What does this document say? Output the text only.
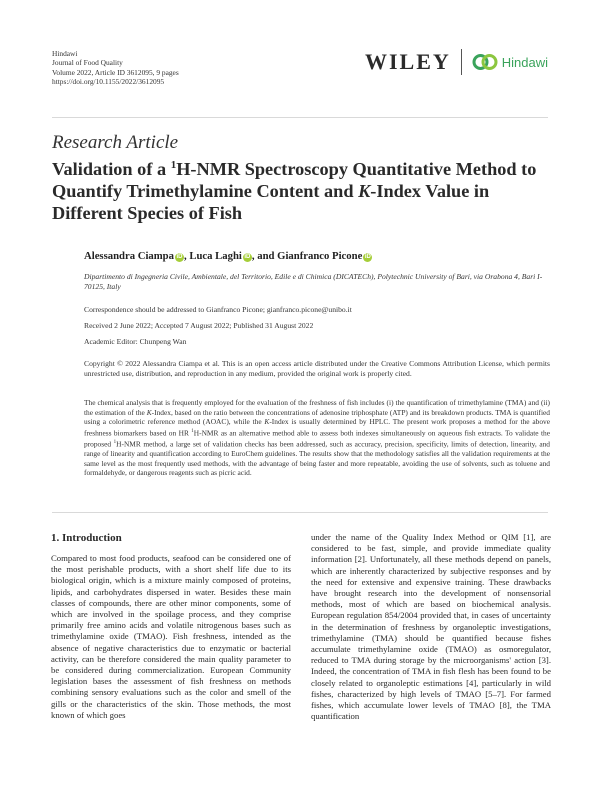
Hindawi
Journal of Food Quality
Volume 2022, Article ID 3612095, 9 pages
https://doi.org/10.1155/2022/3612095
WILEY	Hindawi
Research Article
Validation of a $^1$H-NMR Spectroscopy Quantitative Method to Quantify Trimethylamine Content and K-Index Value in Different Species of Fish
Alessandra Ciampa iD , Luca Laghi iD , and Gianfranco Picone iD
Dipartimento di Ingegneria Civile, Ambientale, del Territorio, Edile e di Chimica (DICATECh), Polytechnic University of Bari, via Orabona 4, Bari I-70125, Italy
Correspondence should be addressed to Gianfranco Picone; gianfranco.picone@unibo.it
Received 2 June 2022; Accepted 7 August 2022; Published 31 August 2022
Academic Editor: Chunpeng Wan
Copyright © 2022 Alessandra Ciampa et al. This is an open access article distributed under the Creative Commons Attribution License, which permits unrestricted use, distribution, and reproduction in any medium, provided the original work is properly cited.
The chemical analysis that is frequently employed for the evaluation of the freshness of fish includes (i) the quantification of trimethylamine (TMA) and (ii) the estimation of the K-Index, based on the ratio between the concentrations of adenosine triphosphate (ATP) and its breakdown products. TMA is quantified using a colorimetric reference method (AOAC), while the K-Index is usually determined by HPLC. The present work proposes a method for the above freshness biomarkers based on HR $^1$H-NMR as an alternative method able to assess both indexes simultaneously on aqueous fish extracts. To validate the proposed $^1$H-NMR method, a large set of validation checks has been addressed, such as accuracy, precision, specificity, limits of detection, linearity, and range of linearity and quantification according to EuroChem guidelines. The results show that the methodology satisfies all the validation requirements at the same level as the most frequently used methods, with the advantage of being faster and more repeatable, avoiding the use of solvents, such as toluene and formaldehyde, or dangerous reagents such as picric acid.
1. Introduction

Compared to most food products, seafood can be considered one of the most perishable products, with a short shelf life due to its biological origin, which is a mixture mainly composed of proteins, lipids, and carbohydrates dispersed in water. Besides these main classes of compounds, there are other minor components, some of which are involved in the spoilage process, and they comprise primarily free amino acids and volatile nitrogenous bases such as trimethylamine oxide (TMAO). Fish freshness, intended as the absence of negative characteristics due to enzymatic or bacterial activity, can be therefore considered the main quality parameter to be considered during commercialization. European Community legislation bases the assessment of fish freshness on methods combining sensory evaluations such as the color and smell of the gills or the characteristics of the skin. Those methods, the most known of which goes

under the name of the Quality Index Method or QIM [1], are considered to be fast, simple, and provide immediate quality information [2]. Unfortunately, all these methods depend on panels, which are inherently characterized by subjective responses and by the need for extensive and expensive training. These drawbacks have brought research into the development of nonsensorial methods, most of which are based on biochemical analysis. European regulation 854/2004 provided that, in cases of uncertainty in the determination of freshness by organoleptic investigations, trimethylamine (TMA) should be quantified because fishes accumulate trimethylamine oxide (TMAO) as osmoregulator, reduced to TMA during storage by the microorganisms' action [3]. Indeed, the concentration of TMA in fish flesh has been found to be closely related to organoleptic estimations [4], particularly in wild fishes, characterized by high levels of TMAO [5–7]. For farmed fishes, which accumulate lower levels of TMAO [8], the TMA quantification
